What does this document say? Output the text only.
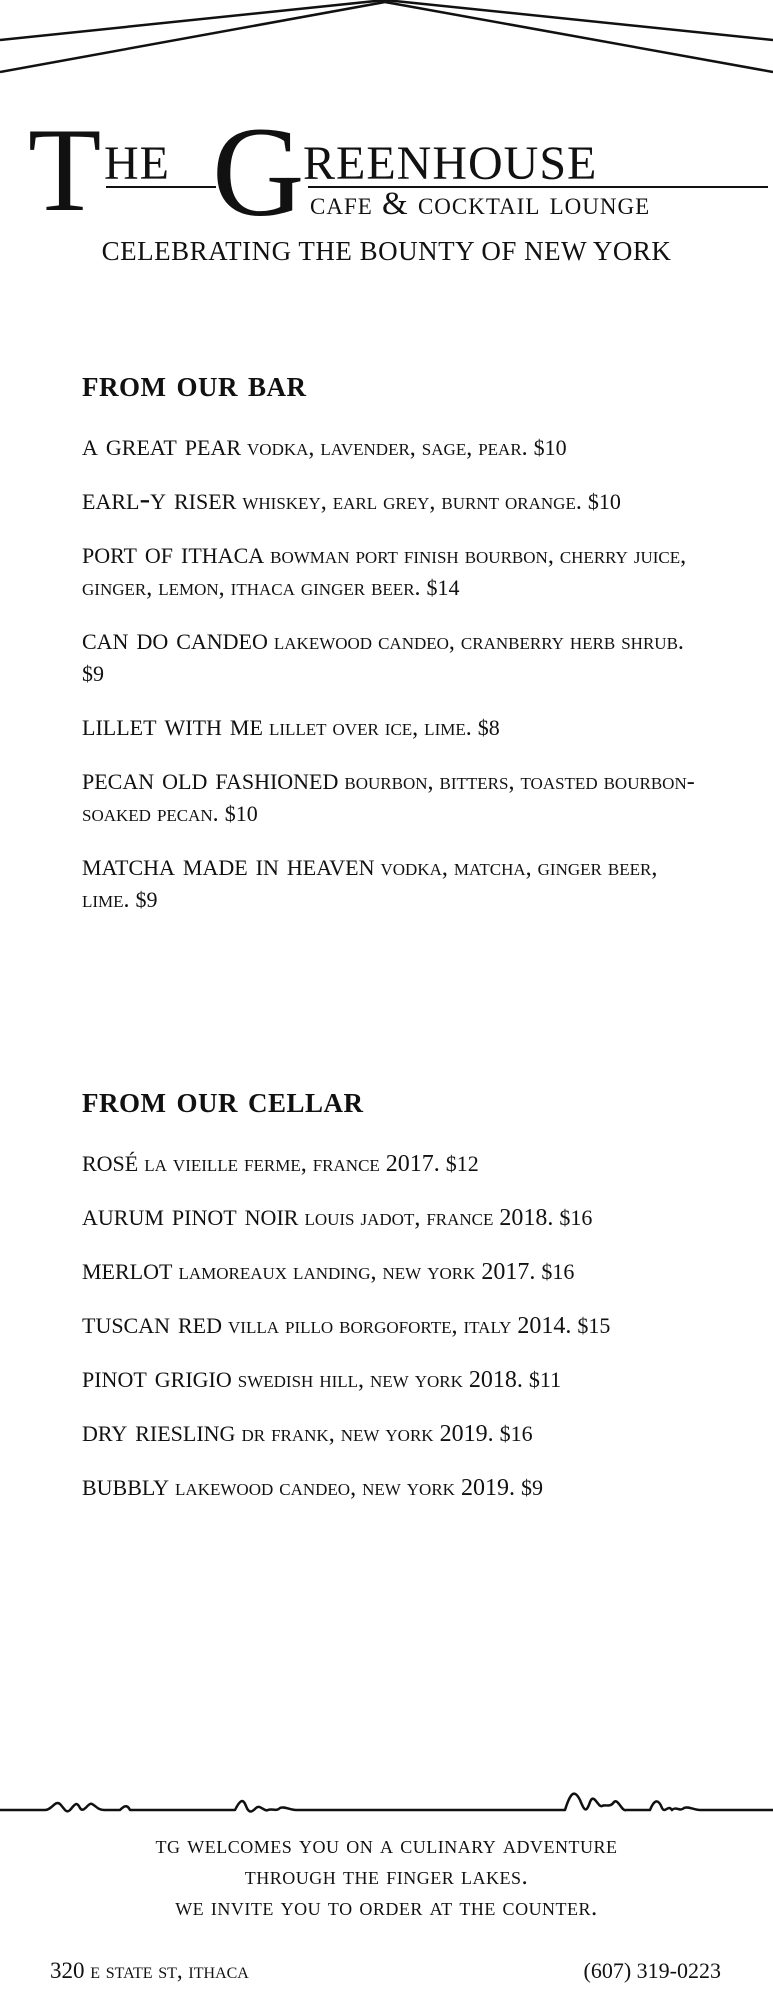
T he G
reenhouse
cafe & cocktail lounge
CELEBRATING THE BOUNTY OF NEW YORK
from our bar
a great pear vodka, lavender, sage, pear. $10
earl-y riser whiskey, earl grey, burnt orange. $10
port of ithaca bowman port finish bourbon, cherry juice, ginger, lemon, ithaca ginger beer. $14
can do candeo lakewood candeo, cranberry herb shrub. $9
lillet with me lillet over ice, lime. $8
pecan old fashioned bourbon, bitters, toasted bourbon-soaked pecan. $10
matcha made in heaven vodka, matcha, ginger beer, lime. $9
from our cellar
rosé la vieille ferme, france 2017. $12
aurum pinot noir louis jadot, france 2018. $16
merlot lamoreaux landing, new york 2017. $16
tuscan red villa pillo borgoforte, italy 2014. $15
pinot grigio swedish hill, new york 2018. $11
dry riesling dr frank, new york 2019. $16
bubbly lakewood candeo, new york 2019. $9
tg welcomes you on a culinary adventure
through the finger lakes.
we invite you to order at the counter.
320 e state st, ithaca	(607) 319-0223
